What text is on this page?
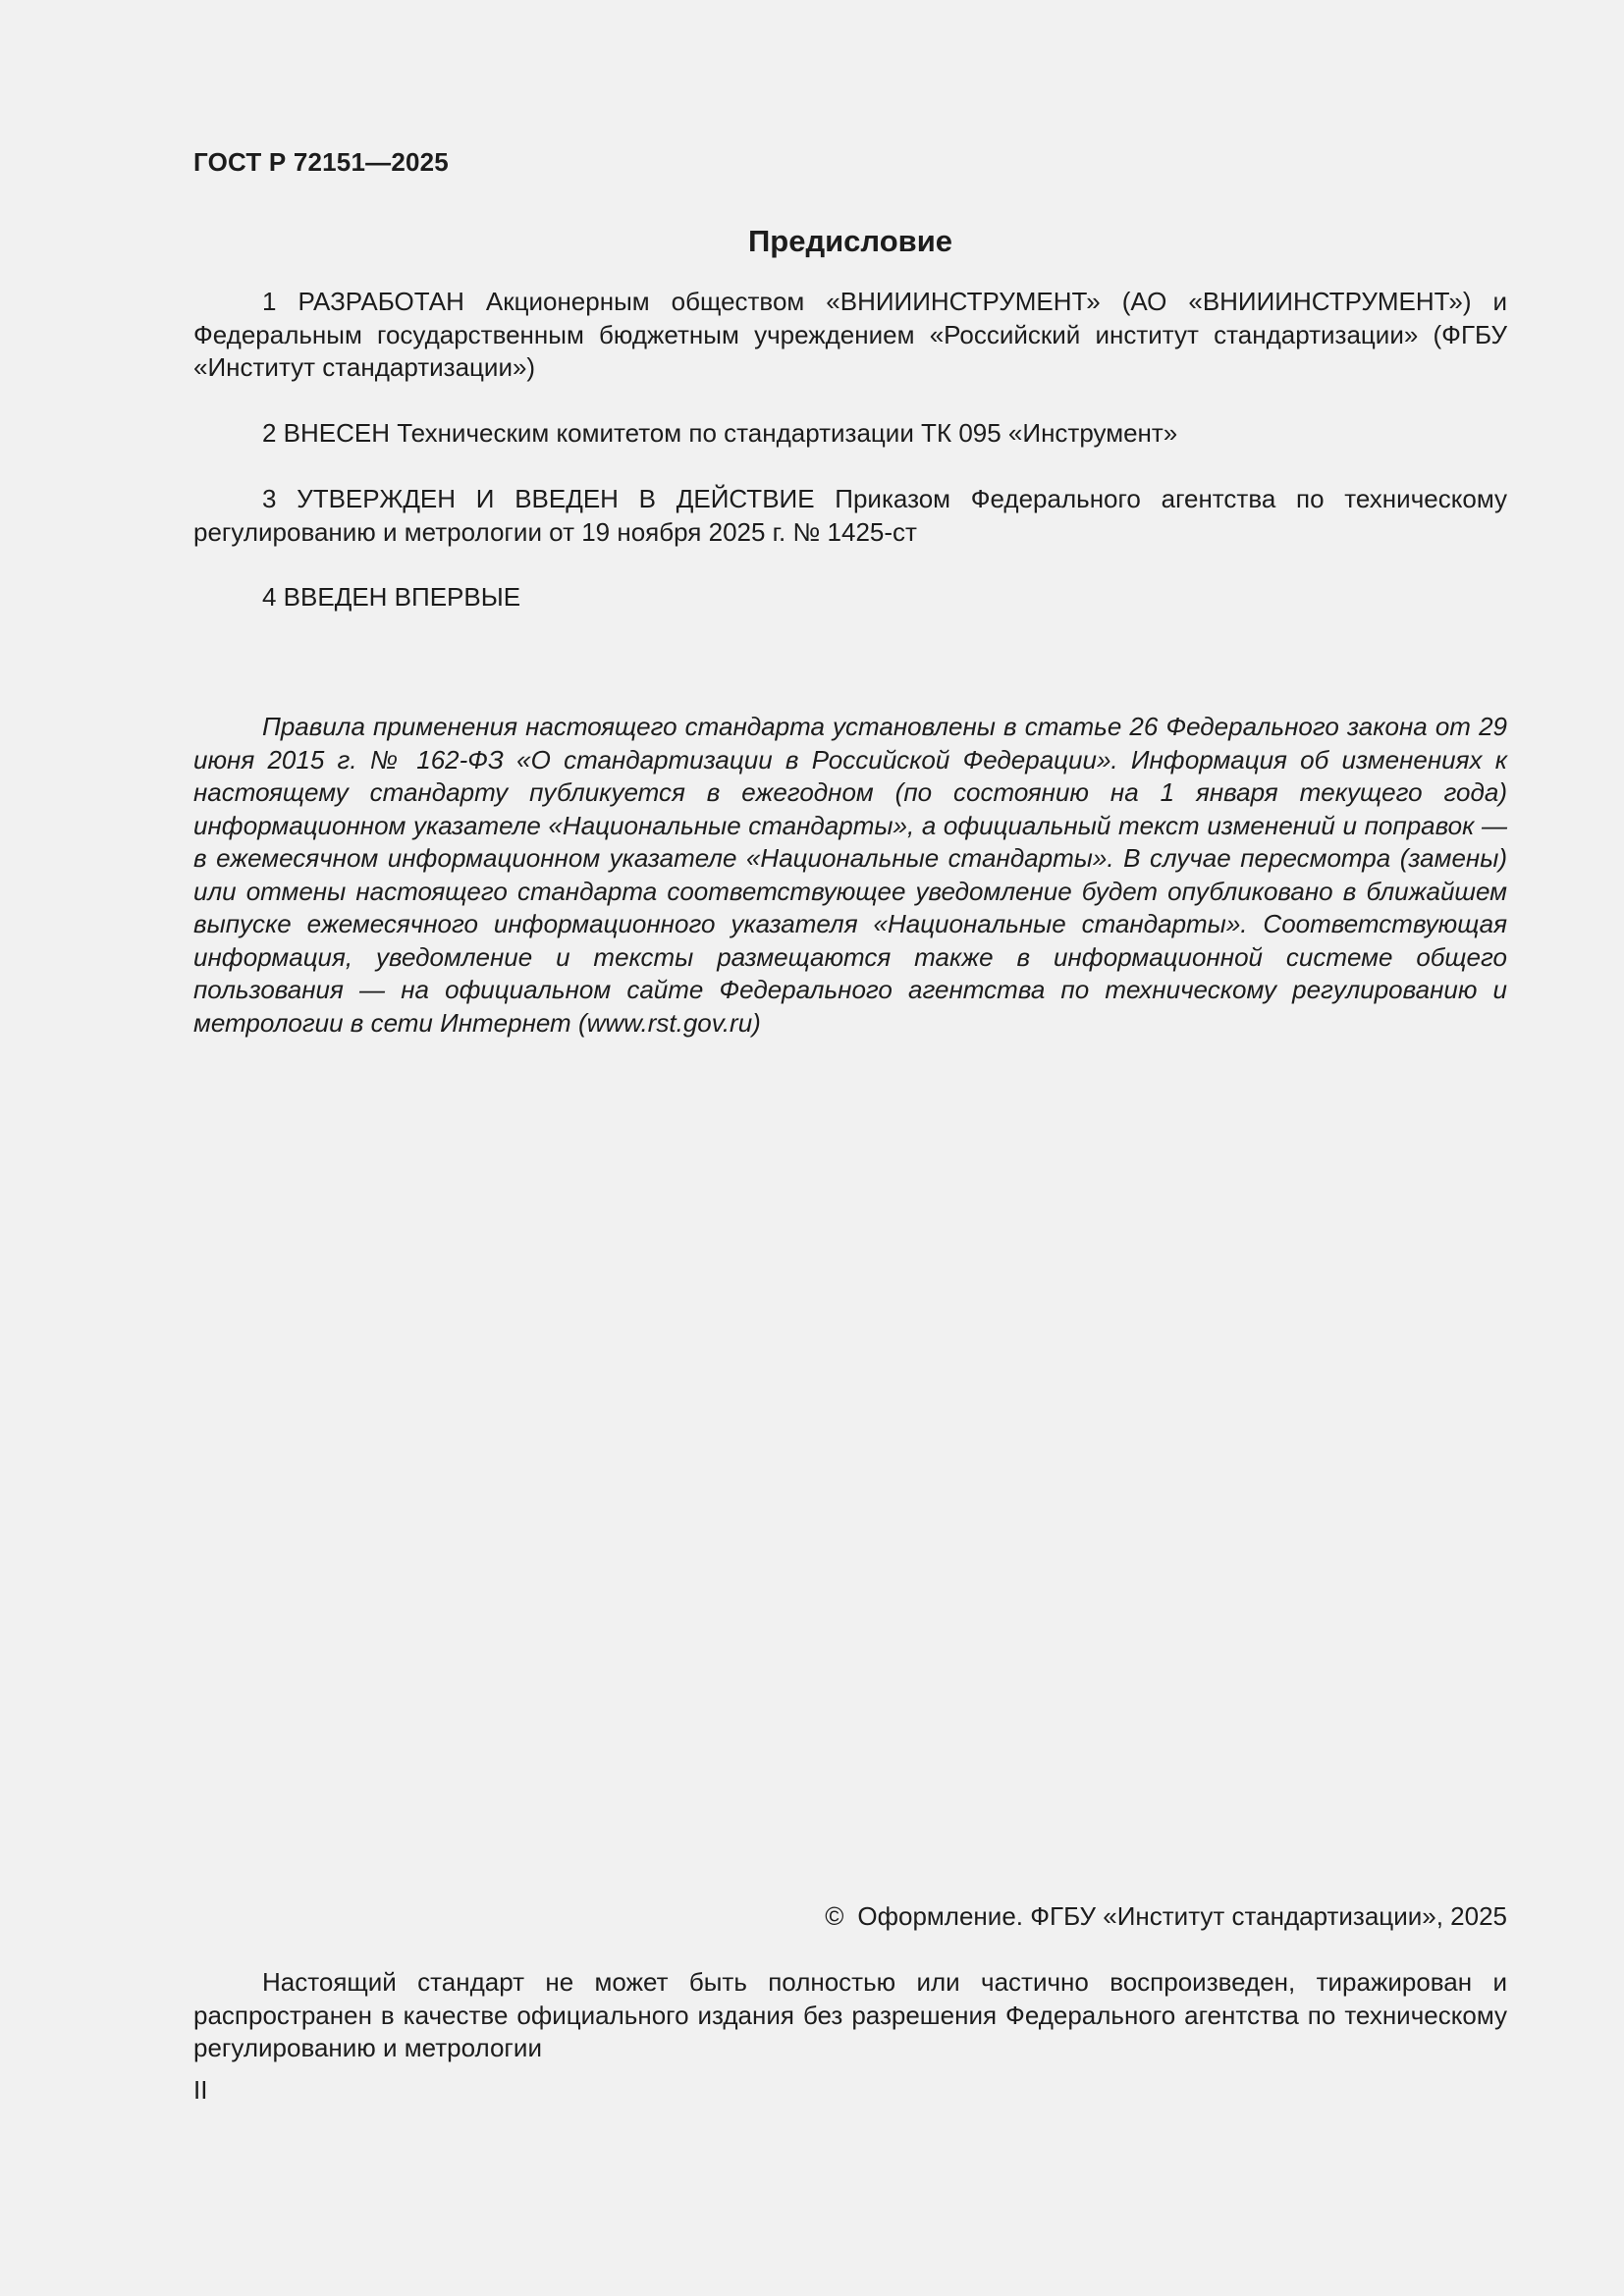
ГОСТ Р 72151—2025
Предисловие

1 РАЗРАБОТАН Акционерным обществом «ВНИИИНСТРУМЕНТ» (АО «ВНИИИНСТРУМЕНТ») и Федеральным государственным бюджетным учреждением «Российский институт стандартизации» (ФГБУ «Институт стандартизации»)

2 ВНЕСЕН Техническим комитетом по стандартизации ТК 095 «Инструмент»

3 УТВЕРЖДЕН И ВВЕДЕН В ДЕЙСТВИЕ Приказом Федерального агентства по техническому регулированию и метрологии от 19 ноября 2025 г. № 1425-ст

4 ВВЕДЕН ВПЕРВЫЕ

Правила применения настоящего стандарта установлены в статье 26 Федерального закона от 29 июня 2015 г. № 162-ФЗ «О стандартизации в Российской Федерации». Информация об изменениях к настоящему стандарту публикуется в ежегодном (по состоянию на 1 января текущего года) информационном указателе «Национальные стандарты», а официальный текст изменений и поправок — в ежемесячном информационном указателе «Национальные стандарты». В случае пересмотра (замены) или отмены настоящего стандарта соответствующее уведомление будет опубликовано в ближайшем выпуске ежемесячного информационного указателя «Национальные стандарты». Соответствующая информация, уведомление и тексты размещаются также в информационной системе общего пользования — на официальном сайте Федерального агентства по техническому регулированию и метрологии в сети Интернет (www.rst.gov.ru)

© Оформление. ФГБУ «Институт стандартизации», 2025

Настоящий стандарт не может быть полностью или частично воспроизведен, тиражирован и распространен в качестве официального издания без разрешения Федерального агентства по техническому регулированию и метрологии

II
